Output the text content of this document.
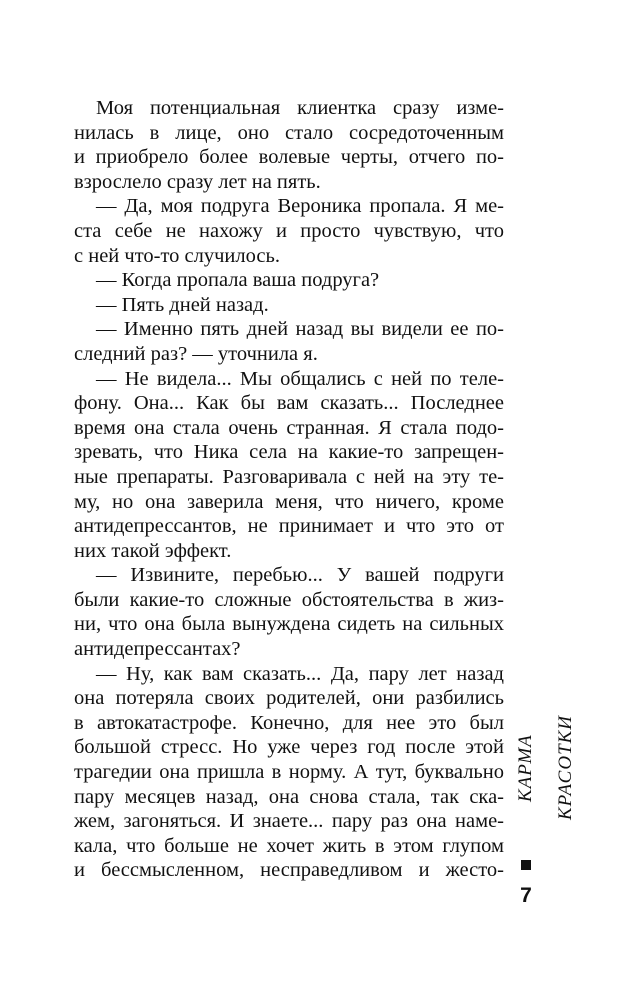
Моя потенциальная клиентка сразу изме-
нилась в лице, оно стало сосредоточенным
и приобрело более волевые черты, отчего по-
взрослело сразу лет на пять.
— Да, моя подруга Вероника пропала. Я ме-
ста себе не нахожу и просто чувствую, что
с ней что-то случилось.
— Когда пропала ваша подруга?
— Пять дней назад.
— Именно пять дней назад вы видели ее по-
следний раз? — уточнила я.
— Не видела... Мы общались с ней по теле-
фону. Она... Как бы вам сказать... Последнее
время она стала очень странная. Я стала подо-
зревать, что Ника села на какие-то запрещен-
ные препараты. Разговаривала с ней на эту те-
му, но она заверила меня, что ничего, кроме
антидепрессантов, не принимает и что это от
них такой эффект.
— Извините, перебью... У вашей подруги
были какие-то сложные обстоятельства в жиз-
ни, что она была вынуждена сидеть на сильных
антидепрессантах?
— Ну, как вам сказать... Да, пару лет назад
она потеряла своих родителей, они разбились
в автокатастрофе. Конечно, для нее это был
большой стресс. Но уже через год после этой
трагедии она пришла в норму. А тут, буквально
пару месяцев назад, она снова стала, так ска-
жем, загоняться. И знаете... пару раз она наме-
кала, что больше не хочет жить в этом глупом
и бессмысленном, несправедливом и жесто-
КАРМА КРАСОТКИ
7
